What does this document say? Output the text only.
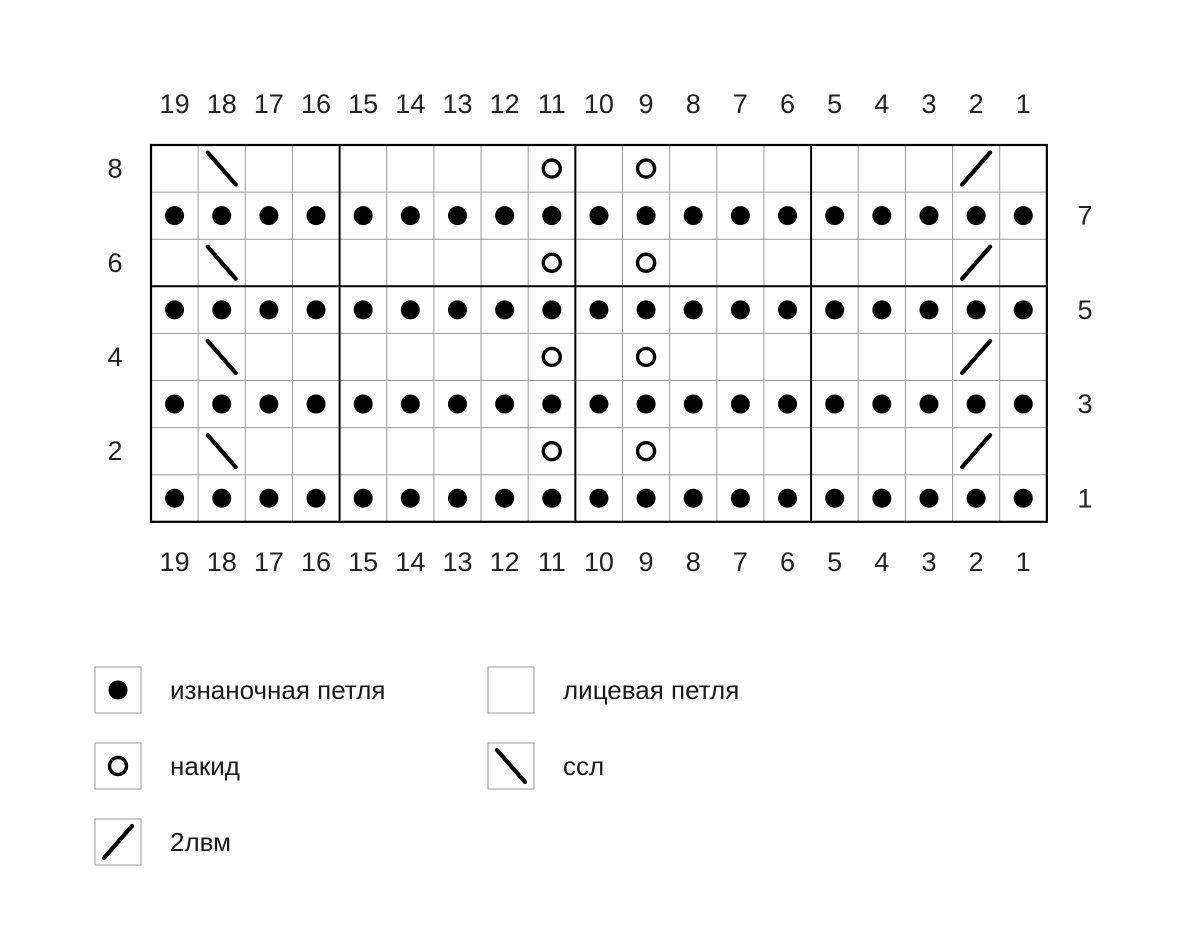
19
19
18
18
17
17
16
16
15
15
14
14
13
13
12
12
11
11
10
10
9
9
8
8
7
7
6
6
5
5
4
4
3
3
2
2
1
1
8
6
4
2
7
5
3
1
изнаночная петля	лицевая петля
накид	ссл
2лвм
